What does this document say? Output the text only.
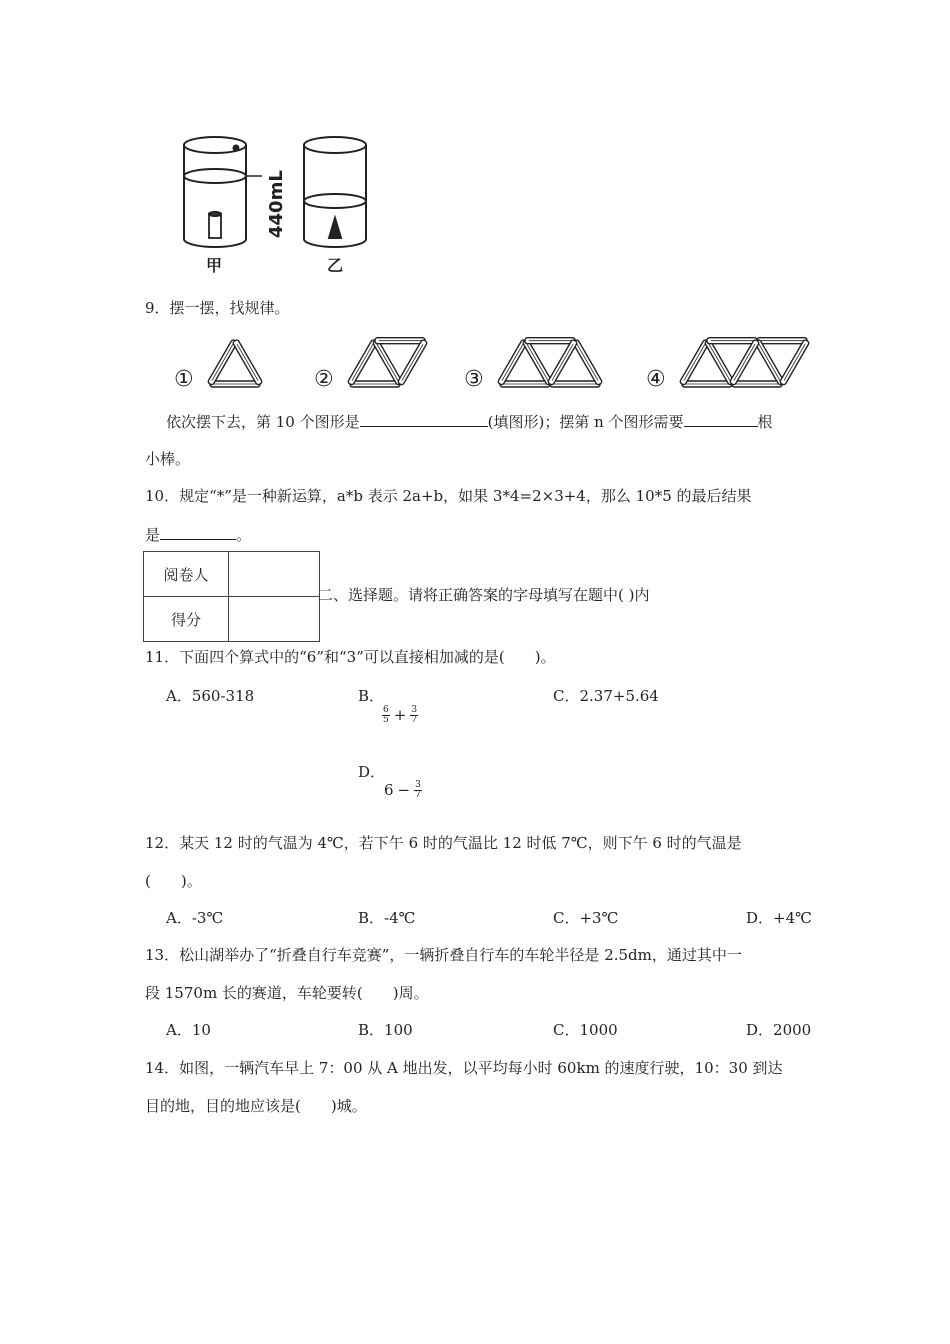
440mL
甲	乙
9．摆一摆，找规律。
①	②	③	④
依次摆下去，第 10 个图形是	(填图形)；摆第 n 个图形需要	根
小棒。
10．规定“*”是一种新运算，a*b 表示 2a+b，如果 3*4=2×3+4，那么 10*5 的最后结果
是	。
阅卷人	
得分	
二、选择题。请将正确答案的字母填写在题中( )内
11．下面四个算式中的“6”和“3”可以直接相加减的是(　　)。
A．560-318	B．
$\frac{6}{5} + \frac{3}{7}$
C．2.37+5.64
D．
$6 - \frac{3}{7}$
12．某天 12 时的气温为 4℃，若下午 6 时的气温比 12 时低 7℃，则下午 6 时的气温是
(　　)。
A．-3℃	B．-4℃	C．+3℃	D．+4℃
13．松山湖举办了“折叠自行车竞赛”，一辆折叠自行车的车轮半径是 2.5dm，通过其中一
段 1570m 长的赛道，车轮要转(　　)周。
A．10	B．100	C．1000	D．2000
14．如图，一辆汽车早上 7：00 从 A 地出发，以平均每小时 60km 的速度行驶，10：30 到达
目的地，目的地应该是(　　)城。
